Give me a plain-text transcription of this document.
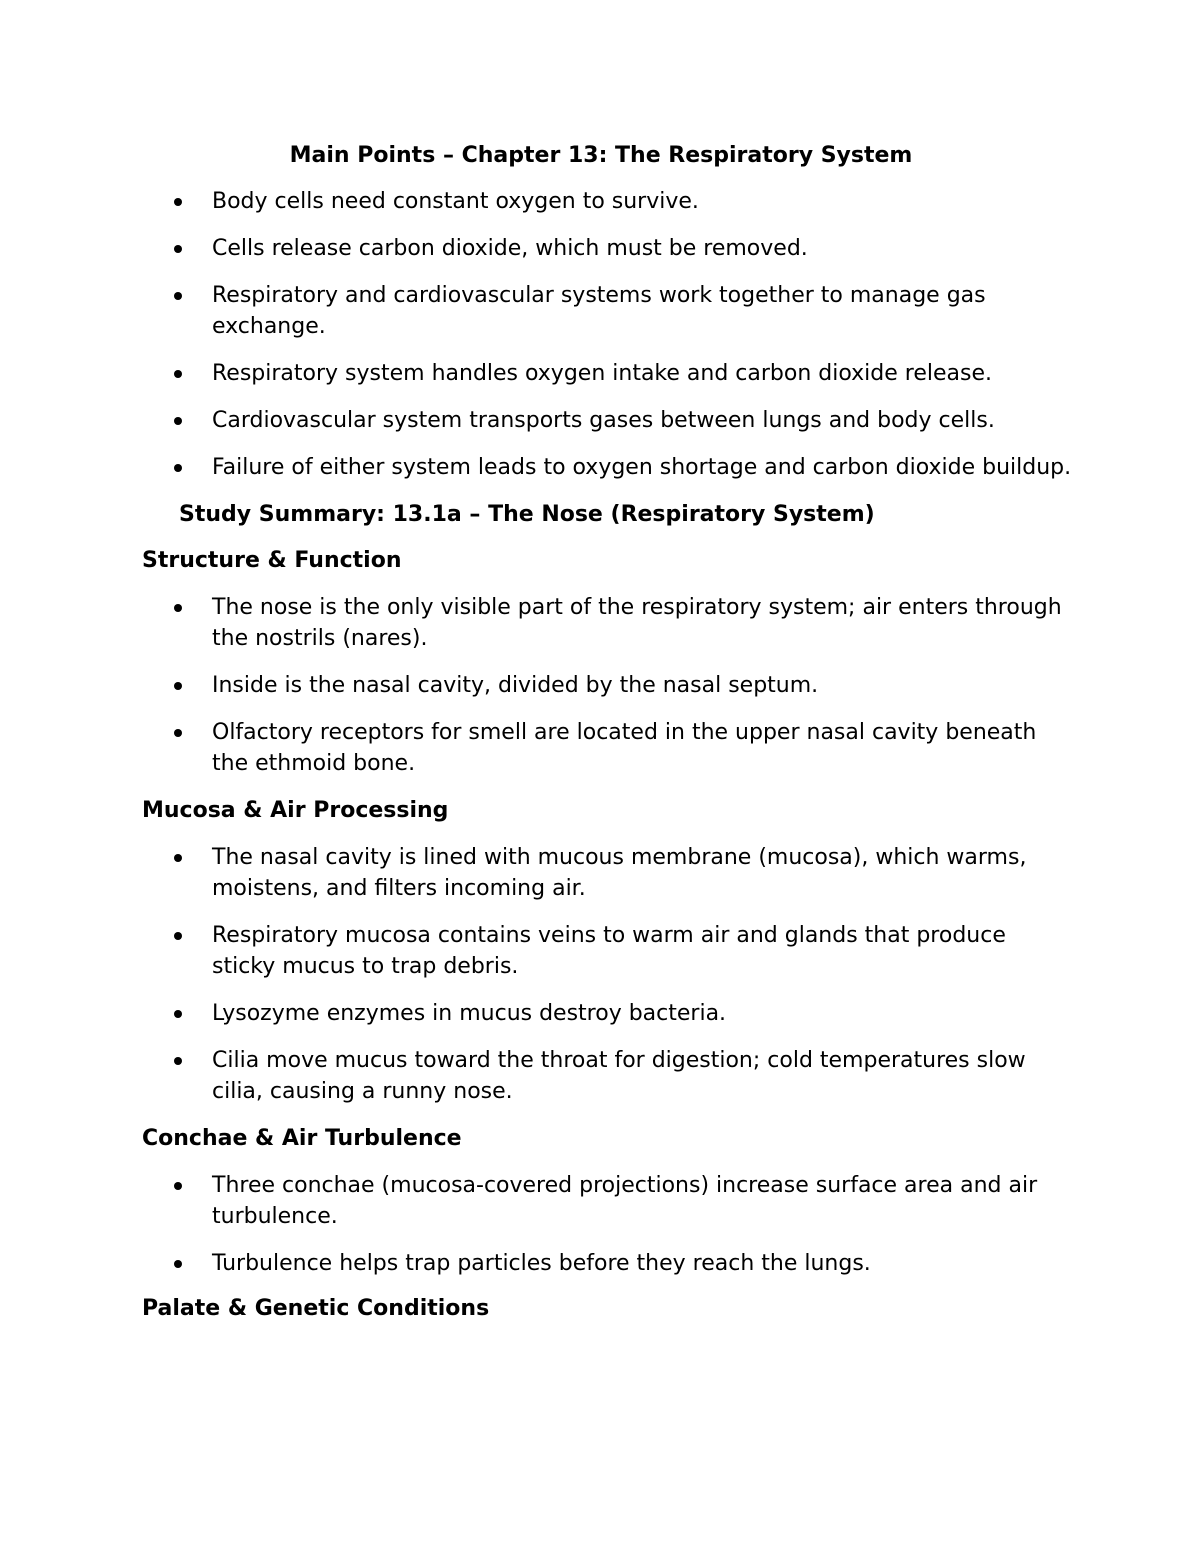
Main Points – Chapter 13: The Respiratory System
Body cells need constant oxygen to survive.
Cells release carbon dioxide, which must be removed.
Respiratory and cardiovascular systems work together to manage gas exchange.
Respiratory system handles oxygen intake and carbon dioxide release.
Cardiovascular system transports gases between lungs and body cells.
Failure of either system leads to oxygen shortage and carbon dioxide buildup.
Study Summary: 13.1a – The Nose (Respiratory System)
Structure & Function
The nose is the only visible part of the respiratory system; air enters through the nostrils (nares).
Inside is the nasal cavity, divided by the nasal septum.
Olfactory receptors for smell are located in the upper nasal cavity beneath the ethmoid bone.
Mucosa & Air Processing
The nasal cavity is lined with mucous membrane (mucosa), which warms, moistens, and filters incoming air.
Respiratory mucosa contains veins to warm air and glands that produce sticky mucus to trap debris.
Lysozyme enzymes in mucus destroy bacteria.
Cilia move mucus toward the throat for digestion; cold temperatures slow cilia, causing a runny nose.
Conchae & Air Turbulence
Three conchae (mucosa-covered projections) increase surface area and air turbulence.
Turbulence helps trap particles before they reach the lungs.
Palate & Genetic Conditions
